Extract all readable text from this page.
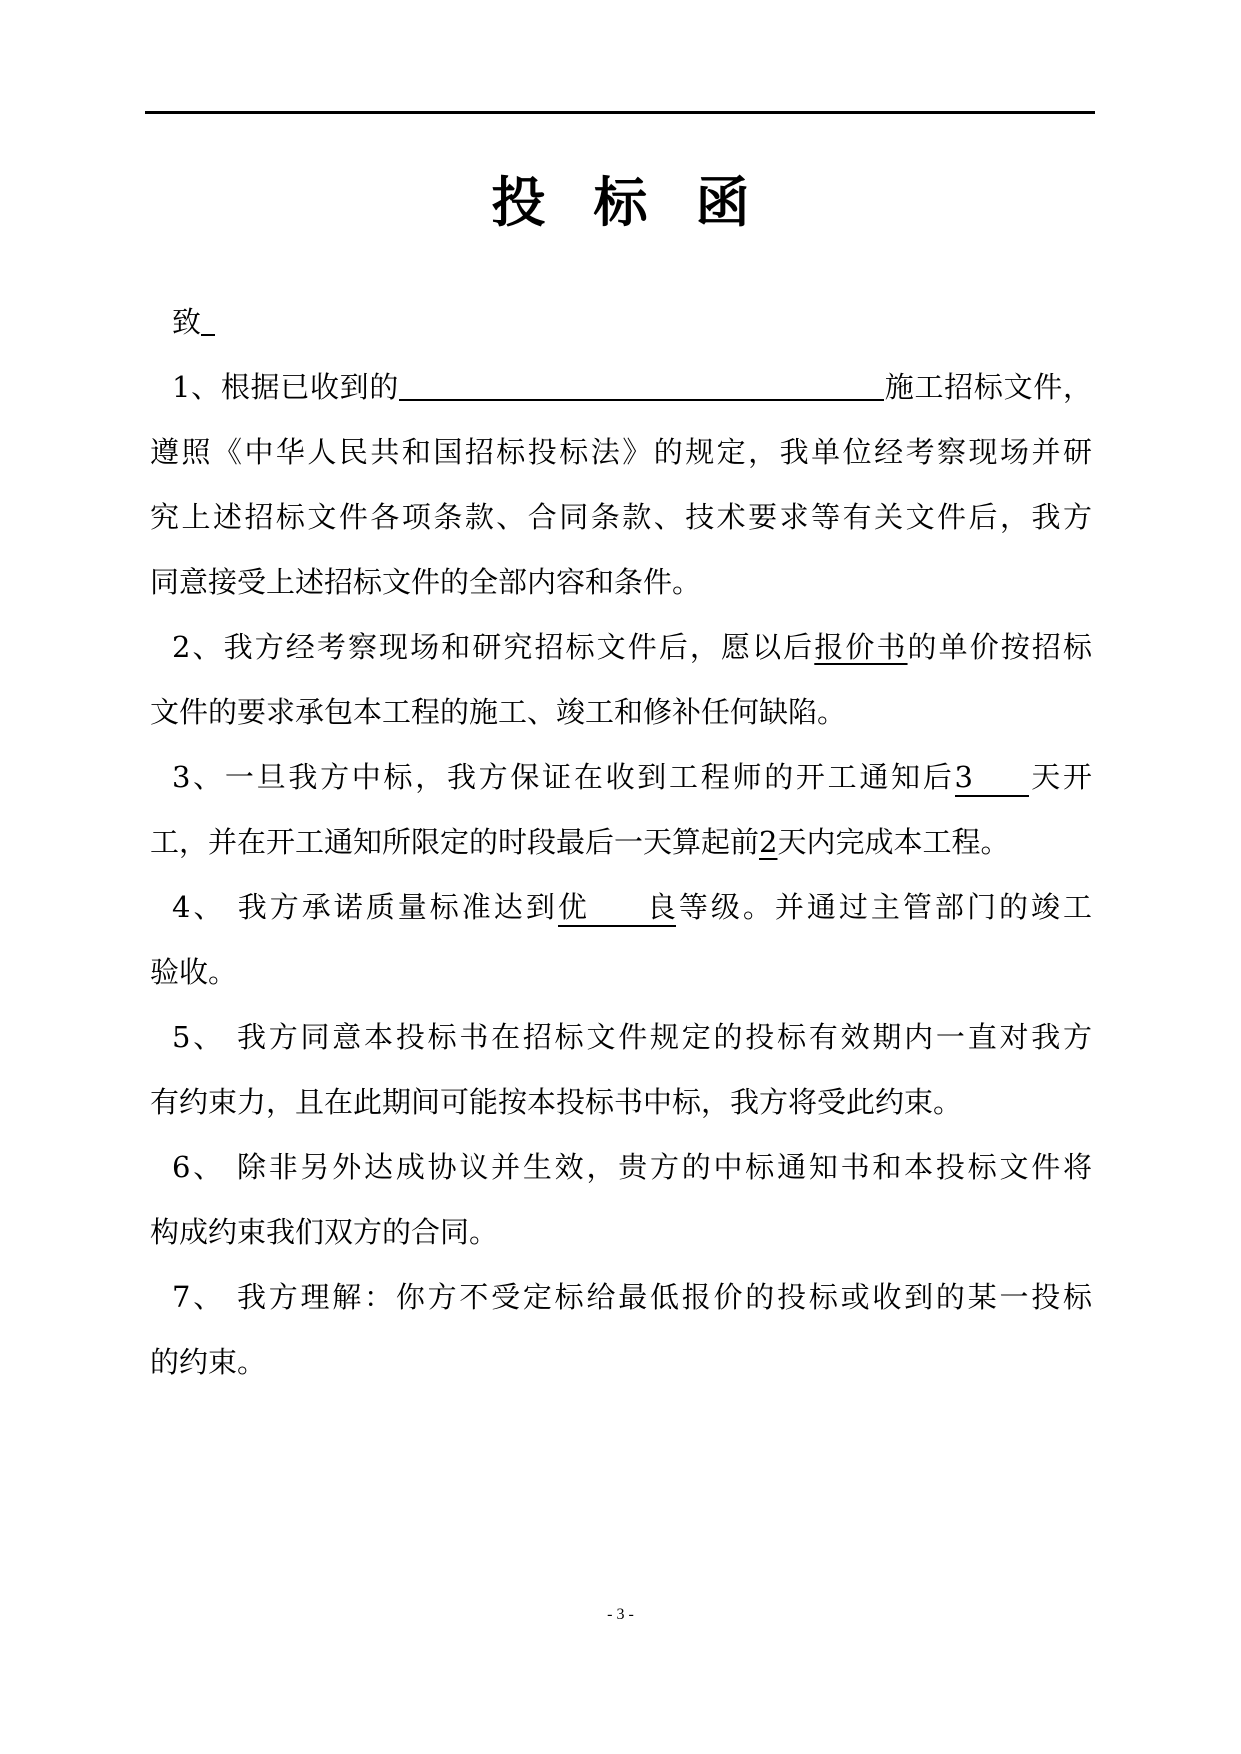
投 标 函
致
1、根据已收到的	施工招标文件，
遵照《中华人民共和国招标投标法》的规定，我单位经考察现场并研
究上述招标文件各项条款、合同条款、技术要求等有关文件后，我方
同意接受上述招标文件的全部内容和条件。
2、我方经考察现场和研究招标文件后，愿以后报价书的单价按招标
文件的要求承包本工程的施工、竣工和修补任何缺陷。
3、一旦我方中标，我方保证在收到工程师的开工通知后3 天开
工，并在开工通知所限定的时段最后一天算起前2天内完成本工程。
4、 我方承诺质量标准达到优良等级。并通过主管部门的竣工
验收。
5、 我方同意本投标书在招标文件规定的投标有效期内一直对我方
有约束力，且在此期间可能按本投标书中标，我方将受此约束。
6、 除非另外达成协议并生效，贵方的中标通知书和本投标文件将
构成约束我们双方的合同。
7、 我方理解：你方不受定标给最低报价的投标或收到的某一投标
的约束。
- 3 -
